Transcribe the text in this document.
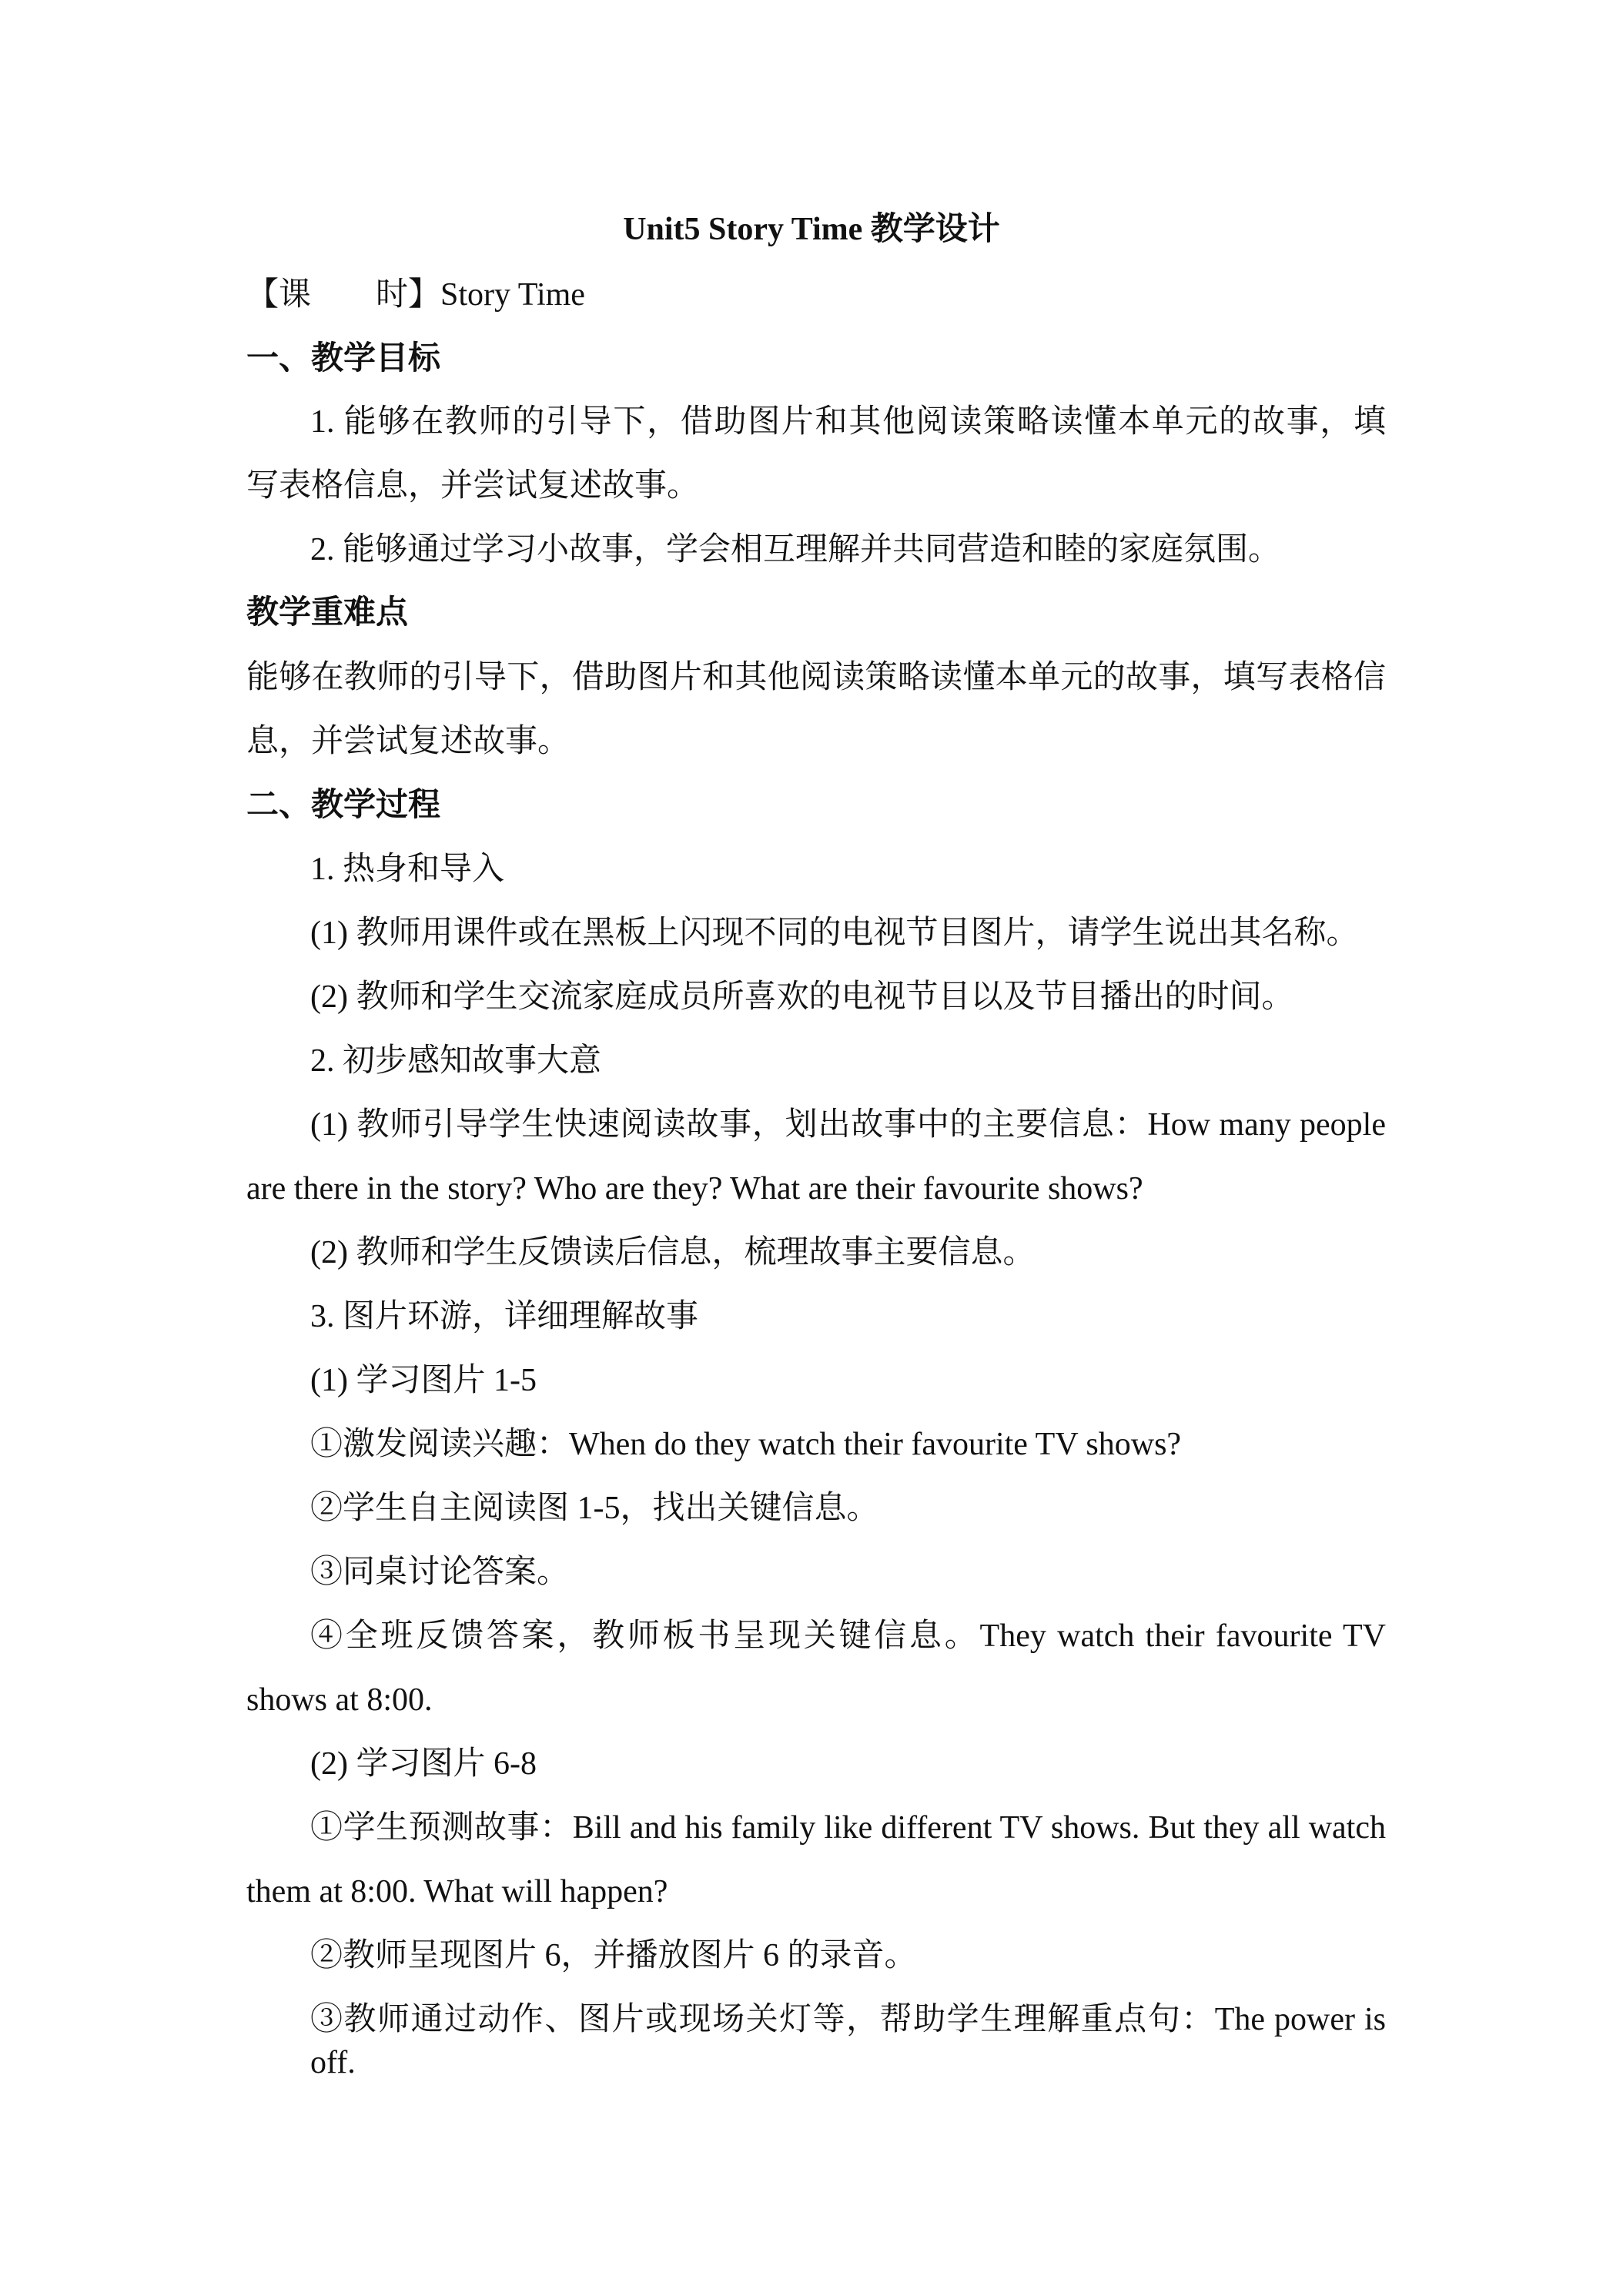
Unit5 Story Time 教学设计
【课 时】Story Time
一、教学目标
1. 能够在教师的引导下，借助图片和其他阅读策略读懂本单元的故事，填
写表格信息，并尝试复述故事。
2. 能够通过学习小故事，学会相互理解并共同营造和睦的家庭氛围。
教学重难点
能够在教师的引导下，借助图片和其他阅读策略读懂本单元的故事，填写表格信
息，并尝试复述故事。
二、教学过程
1. 热身和导入
(1) 教师用课件或在黑板上闪现不同的电视节目图片，请学生说出其名称。
(2) 教师和学生交流家庭成员所喜欢的电视节目以及节目播出的时间。
2. 初步感知故事大意
(1) 教师引导学生快速阅读故事，划出故事中的主要信息：How many people
are there in the story? Who are they? What are their favourite shows?
(2) 教师和学生反馈读后信息，梳理故事主要信息。
3. 图片环游，详细理解故事
(1) 学习图片 1-5
①激发阅读兴趣：When do they watch their favourite TV shows?
②学生自主阅读图 1-5，找出关键信息。
③同桌讨论答案。
④全班反馈答案，教师板书呈现关键信息。They watch their favourite TV
shows at 8:00.
(2) 学习图片 6-8
①学生预测故事：Bill and his family like different TV shows. But they all watch
them at 8:00. What will happen?
②教师呈现图片 6，并播放图片 6 的录音。
③教师通过动作、图片或现场关灯等，帮助学生理解重点句：The power is off.
